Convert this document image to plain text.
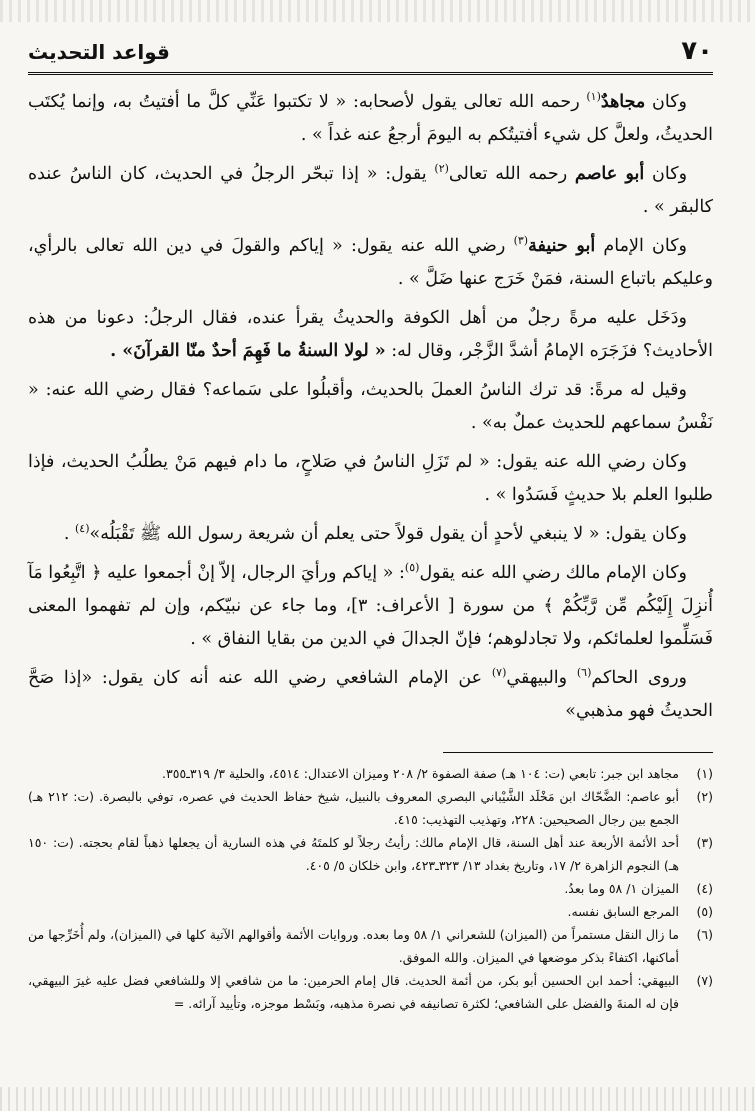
٧٠
قواعد التحديث

وكان مجاهدٌ$^{(١)}$ رحمه الله تعالى يقول لأصحابه: « لا تكتبوا عَنِّي كلَّ ما أفتيتُ به، وإنما يُكتَب الحديثُ، ولعلَّ كل شيء أفتيتُكم به اليومَ أرجعُ عنه غداً » .

وكان أبو عاصم رحمه الله تعالى$^{(٢)}$ يقول: « إذا تبحّر الرجلُ في الحديث، كان الناسُ عنده كالبقر » .

وكان الإمام أبو حنيفة$^{(٣)}$ رضي الله عنه يقول: « إياكم والقولَ في دين الله تعالى بالرأي، وعليكم باتباع السنة، فمَنْ خَرَج عنها ضَلَّ » .

ودَخَل عليه مرةً رجلٌ من أهل الكوفة والحديثُ يقرأ عنده، فقال الرجلُ: دعونا من هذه الأحاديث؟ فزَجَرَه الإمامُ أشدَّ الزَّجْر، وقال له: « لولا السنةُ ما فَهِمَ أحدٌ منّا القرآنَ» .

وقيل له مرةً: قد ترك الناسُ العملَ بالحديث، وأقبلُوا على سَماعه؟ فقال رضي الله عنه: « نَفْسُ سماعهم للحديث عملٌ به» .

وكان رضي الله عنه يقول: « لم تَزَلِ الناسُ في صَلاحٍ، ما دام فيهم مَنْ يطلُبُ الحديث، فإذا طلبوا العلم بلا حديثٍ فَسَدُوا » .

وكان يقول: « لا ينبغي لأحدٍ أن يقول قولاً حتى يعلم أن شريعة رسول الله ﷺ تَقْبَلُه»$^{(٤)}$ .

وكان الإمام مالك رضي الله عنه يقول$^{(٥)}$: « إياكم ورأيَ الرجال، إلاّ إنْ أجمعوا عليه ﴿ اتَّبِعُوا مَآ أُنزِلَ إِلَيْكُم مِّن رَّبِّكُمْ ﴾ من سورة [ الأعراف: ٣]، وما جاء عن نبيّكم، وإن لم تفهموا المعنى فَسَلِّموا لعلمائكم، ولا تجادلوهم؛ فإنّ الجدالَ في الدين من بقايا النفاق » .

وروى الحاكم$^{(٦)}$ والبيهقي$^{(٧)}$ عن الإمام الشافعي رضي الله عنه أنه كان يقول: «إذا صَحَّ الحديثُ فهو مذهبي»

(١)
مجاهد ابن جبر: تابعي (ت: ١٠٤ هـ) صفة الصفوة ٢/ ٢٠٨ وميزان الاعتدال: ٤٥١٤، والحلية ٣/ ٣١٩ـ٣٥٥.
(٢)
أبو عاصم: الضَّحّاك ابن مَخْلَد الشَّيْباني البصري المعروف بالنبيل، شيخ حفاظ الحديث في عصره، توفي بالبصرة. (ت: ٢١٢ هـ) الجمع بين رجال الصحيحين: ٢٢٨، وتهذيب التهذيب: ٤١٥.
(٣)
أحد الأئمة الأربعة عند أهل السنة، قال الإمام مالك: رأيتُ رجلاً لو كلمتَهُ في هذه السارية أن يجعلها ذهباً لقام بحجته. (ت: ١٥٠ هـ) النجوم الزاهرة ٢/ ١٧، وتاريخ بغداد ١٣/ ٣٢٣ـ٤٢٣، وابن خلكان ٥/ ٤٠٥.
(٤)
الميزان ١/ ٥٨ وما بعدُ.
(٥)
المرجع السابق نفسه.
(٦)
ما زال النقل مستمراً من (الميزان) للشعراني ١/ ٥٨ وما بعده. وروايات الأئمة وأقوالهم الآتية كلها في (الميزان)، ولم أُخَرِّجها من أماكنها، اكتفاءً بذكر موضعها في الميزان. والله الموفق.
(٧)
البيهقي: أحمد ابن الحسين أبو بكر، من أئمة الحديث. قال إمام الحرمين: ما من شافعي إلا وللشافعي فضل عليه غيرَ البيهقي، فإن له المنةَ والفضل على الشافعي؛ لكثرة تصانيفه في نصرة مذهبه، وبَسْط موجزه، وتأييد آرائه. =
